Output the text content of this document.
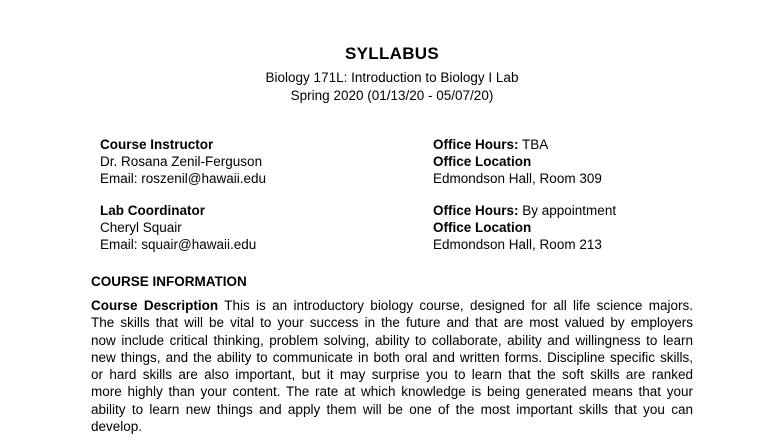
SYLLABUS
Biology 171L: Introduction to Biology I Lab
Spring 2020 (01/13/20 - 05/07/20)
Course Instructor
Dr. Rosana Zenil-Ferguson
Email: roszenil@hawaii.edu
Office Hours: TBA
Office Location
Edmondson Hall, Room 309
Lab Coordinator
Cheryl Squair
Email: squair@hawaii.edu
Office Hours: By appointment
Office Location
Edmondson Hall, Room 213
COURSE INFORMATION
Course Description This is an introductory biology course, designed for all life science majors.
The skills that will be vital to your success in the future and that are most valued by employers
now include critical thinking, problem solving, ability to collaborate, ability and willingness to learn
new things, and the ability to communicate in both oral and written forms. Discipline specific skills,
or hard skills are also important, but it may surprise you to learn that the soft skills are ranked
more highly than your content. The rate at which knowledge is being generated means that your
ability to learn new things and apply them will be one of the most important skills that you can
develop.
